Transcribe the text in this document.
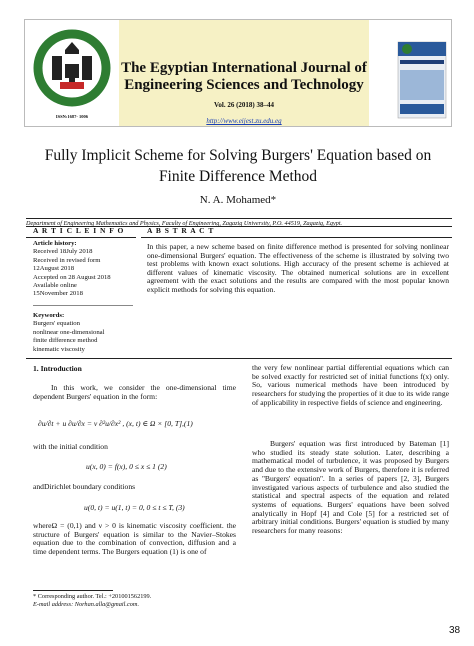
ISSN:1687- 1006
The Egyptian International Journal of
Engineering Sciences and Technology
Vol. 26 (2018) 38–44
http://www.eijest.zu.edu.eg
Fully Implicit Scheme for Solving Burgers' Equation based on
Finite Difference Method
N. A. Mohamed*
Department of Engineering Mathematics and Physics, Faculty of Engineering, Zagazig University, P.O. 44519, Zagazig, Egypt.
A R T I C L E I N F O	A B S T R A C T
Article history:
Received 18July 2018
Received in revised form
12August 2018
Accepted on 28 August 2018
Available online
15November 2018
Keywords:
Burgers' equation
nonlinear one-dimensional
finite difference method
kinematic viscosity
In this paper, a new scheme based on finite difference method is presented for solving nonlinear one-dimensional Burgers' equation. The effectiveness of the scheme is illustrated by solving two test problems with known exact solutions. High accuracy of the present scheme is achieved at different values of kinematic viscosity. The obtained numerical solutions are in excellent agreement with the exact solutions and the results are compared with the most popular known explicit methods for solving this equation.
1. Introduction
In this work, we consider the one-dimensional time dependent Burgers' equation in the form:
∂u/∂t + u ∂u/∂x = ν ∂²u/∂x² , (x, t) ∈ Ω × [0, T],(1)
with the initial condition
u(x, 0) = f(x), 0 ≤ x ≤ 1 (2)
andDirichlet boundary conditions
u(0, t) = u(1, t) = 0, 0 ≤ t ≤ T, (3)
whereΩ = (0,1) and ν > 0 is kinematic viscosity coefficient. the structure of Burgers' equation is similar to the Navier–Stokes equation due to the combination of convection, diffusion and a time dependent terms. The Burgers equation (1) is one of
the very few nonlinear partial differential equations which can be solved exactly for restricted set of initial functions f(x) only. So, various numerical methods have been introduced by researchers for studying the properties of it due to its wide range of applicability in respective fields of science and engineering.
Burgers' equation was first introduced by Bateman [1] who studied its steady state solution. Later, describing a mathematical model of turbulence, it was proposed by Burgers and due to the extensive work of Burgers, therefore it is referred as ''Burgers' equation''. In a series of papers [2, 3], Burgers investigated various aspects of turbulence and also studied the statistical and spectral aspects of the equation and related systems of equations. Burgers' equations have been solved analytically in Hopf [4] and Cole [5] for a restricted set of arbitrary initial conditions. Burgers' equation is studied by many researchers for many reasons:
* Corresponding author. Tel.: +201001562199.
E-mail address: Norhan.alla@gmail.com.
38
